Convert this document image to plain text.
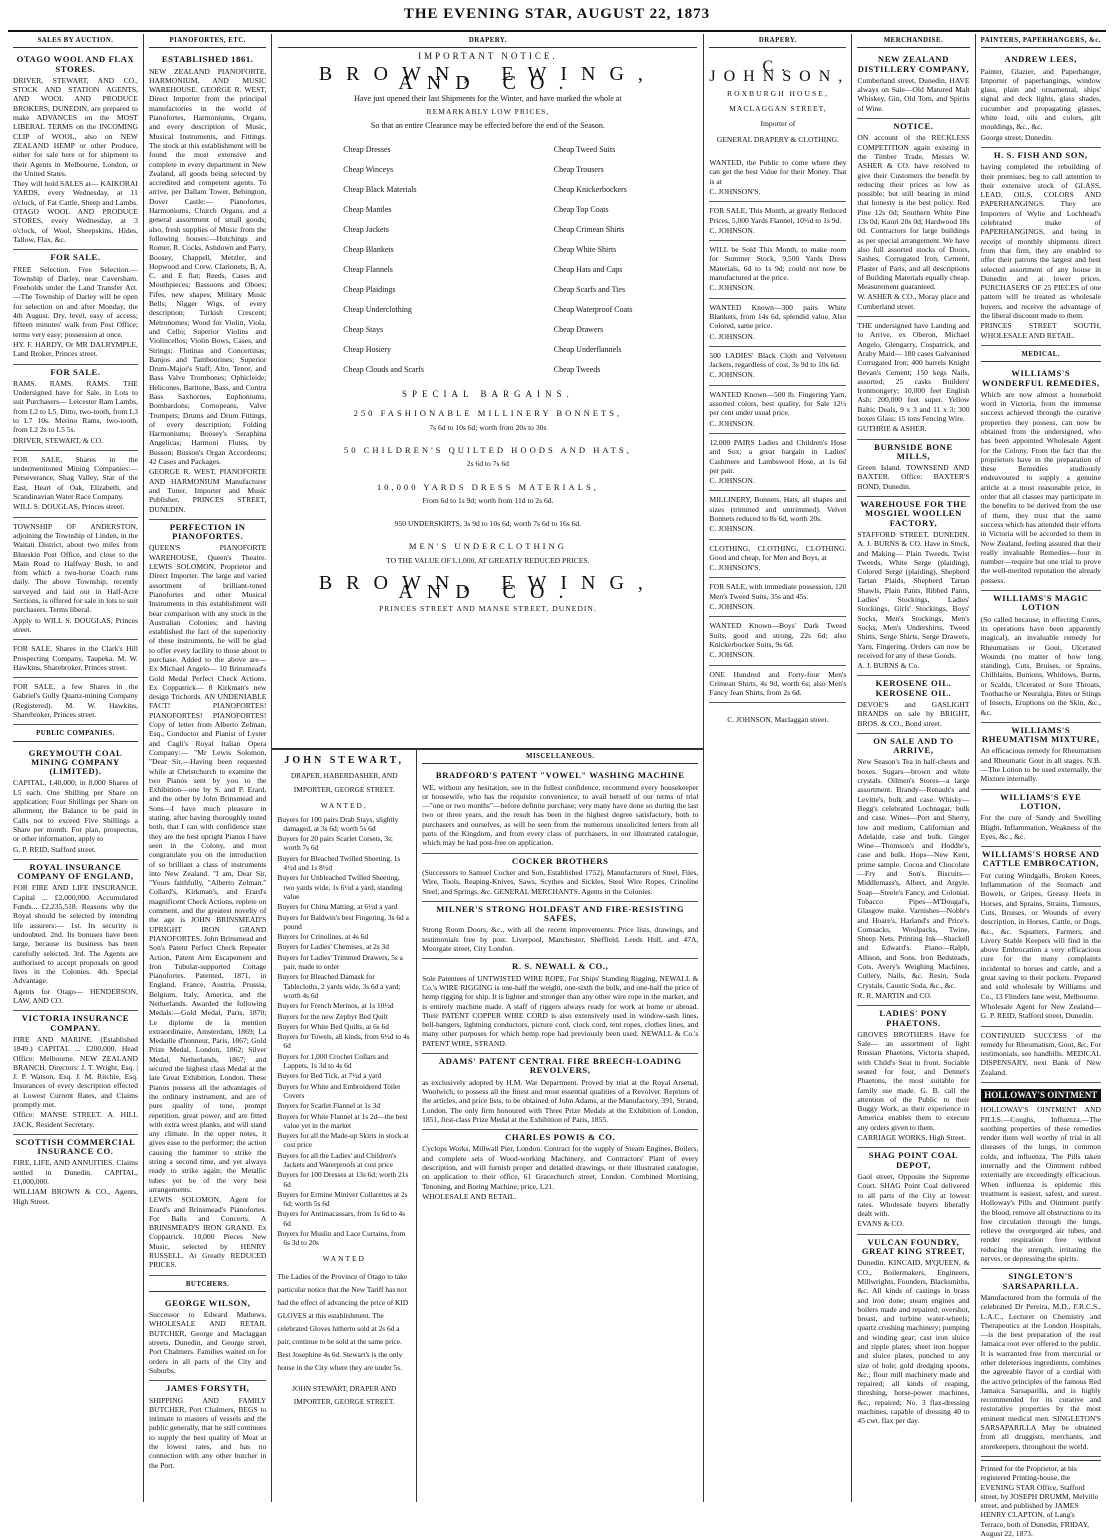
THE EVENING STAR, AUGUST 22, 1873
SALES BY AUCTION.
OTAGO WOOL AND FLAX STORES.

DRIVER, STEWART, AND CO., STOCK AND STATION AGENTS, AND WOOL AND PRODUCE BROKERS, DUNEDIN, are prepared to make ADVANCES on the MOST LIBERAL TERMS on the INCOMING CLIP of WOOL, also on NEW ZEALAND HEMP or other Produce, either for sale here or for shipment to their Agents in Melbourne, London, or the United States.

They will hold SALES at— KAIKORAI YARDS, every Wednesday, at 11 o'clock, of Fat Cattle, Sheep and Lambs. OTAGO WOOL AND PRODUCE STORES, every Wednesday, at 3 o'clock, of Wool, Sheepskins, Hides, Tallow, Flax, &c.

FOR SALE.

FREE Selection. Free Selection.—Township of Darley, near Caversham. Freeholds under the Land Transfer Act.—The Township of Darley will be open for selection on and after Monday, the 4th August. Dry, level, easy of access; fifteen minutes' walk from Post Office; terms very easy; possession at once.

HY. F. HARDY, Or MR DALRYMPLE, Land Broker, Princes street.

FOR SALE.

RAMS. RAMS. RAMS. THE Undersigned have for Sale, in Lots to suit Purchasers— Leicester Ram Lambs, from L2 to L5. Ditto, two-tooth, from L3 to L7 10s. Merino Rams, two-tooth, from L2 2s to L5 5s.

DRIVER, STEWART, & CO.

FOR SALE, Shares in the undermentioned Mining Companies:— Perseverance, Shag Valley, Star of the East, Heart of Oak, Elizabeth, and Scandinavian Water Race Company.

WILL S. DOUGLAS, Princes street.

TOWNSHIP OF ANDERSTON, adjoining the Township of Linden, in the Waitati District, about two miles from Blueskin Post Office, and close to the Main Road to Halfway Bush, to and from which a two-horse Coach runs daily. The above Township, recently surveyed and laid out in Half-Acre Sections, is offered for sale in lots to suit purchasers. Terms liberal.

Apply to WILL S. DOUGLAS, Princes street.

FOR SALE, Shares in the Clark's Hill Prospecting Company, Taupeka. M. W. Hawkins, Sharebroker, Princes street.

FOR SALE, a few Shares in the Gabriel's Gully Quartz-mining Company (Registered). M. W. Hawkins, Sharebroker, Princes street.

PUBLIC COMPANIES.
GREYMOUTH COAL MINING COMPANY (LIMITED).

CAPITAL, L40,000; in 8,000 Shares of L5 each. One Shilling per Share on application; Four Shillings per Share on allotment; the Balance to be paid in Calls not to exceed Five Shillings a Share per month. For plan, prospectus, or other information, apply to

G. P. REID, Stafford street.

ROYAL INSURANCE COMPANY OF ENGLAND,

FOR FIRE AND LIFE INSURANCE. Capital ... £2,000,000. Accumulated Funds... £2,235,518. Reasons why the Royal should be selected by intending life assurers:— 1st. Its security is undoubted. 2nd. Its bonuses have been large, because its business has been carefully selected. 3rd. The Agents are authorised to accept proposals on good lives in the Colonies. 4th. Special Advantage.

Agents for Otago— HENDERSON, LAW, AND CO.

VICTORIA INSURANCE COMPANY.

FIRE AND MARINE. (Established 1849.) CAPITAL ... £200,000. Head Office: Melbourne. NEW ZEALAND BRANCH. Directors: J. T. Wright, Esq. | J. P. Watson, Esq. J. M. Ritchie, Esq. Insurances of every description effected at Lowest Current Rates, and Claims promptly met.

Office: MANSE STREET. A. HILL JACK, Resident Secretary.

SCOTTISH COMMERCIAL INSURANCE CO.

FIRE, LIFE, AND ANNUITIES. Claims settled in Dunedin. CAPITAL, £1,000,000.

WILLIAM BROWN & CO., Agents, High Street.

PIANOFORTES, ETC.
ESTABLISHED 1861.

NEW ZEALAND PIANOFORTE, HARMONIUM, AND MUSIC WAREHOUSE. GEORGE R. WEST, Direct Importer from the principal manufactories in the world of Pianofortes, Harmoniums, Organs, and every description of Music, Musical Instruments, and Fittings. The stock at this establishment will be found the most extensive and complete in every department in New Zealand, all goods being selected by accredited and competent agents. To arrive, per Dallam Tower, Bebington, Dover Castle:— Pianofortes, Harmoniums, Church Organs, and a general assortment of small goods; also, fresh supplies of Music from the following houses:—Hutchings and Romer, R. Cocks, Ashdown and Parry, Boosey, Chappell, Metzler, and Hopwood and Crew. Clarionets, B, A, C, and E flat; Reeds, Cases and Mouthpieces; Bassoons and Oboes; Fifes, new shapes; Military Music Bells; Nigger Wigs, of every description; Turkish Crescent; Metronomes; Wood for Violin, Viola, and Cello; Superior Violins and Violincellos; Violin Bows, Cases, and Strings; Flutinas and Concertinas; Banjos and Tambourines; Superior Drum-Major's Staff; Alto, Tenor, and Bass Valve Trombones; Ophicleide; Helicones, Baritone, Bass, and Contra Bass Saxhornes, Euphoniums, Bombardons; Cornopeans, Valve Trumpets; Drums and Drum Fittings, of every description; Folding Harmoniums; Boosey's Seraphina Angelicas; Harmoni Flutes, by Busson; Busson's Organ Accordeons; 42 Cases and Packages.

GEORGE R. WEST, PIANOFORTE AND HARMONIUM Manufacturer and Tuner, Importer and Music Publisher, PRINCES STREET, DUNEDIN.

PERFECTION IN PIANOFORTES.

QUEEN'S PIANOFORTE WAREHOUSE, Queen's Theatre. LEWIS SOLOMON, Proprietor and Direct Importer. The large and varied assortment of brilliant-toned Pianofortes and other Musical Instruments in this establishment will bear comparison with any stock in the Australian Colonies; and having established the fact of the superiority of these instruments, he will be glad to offer every facility to those about to purchase. Added to the above are— Ex Michael Angelo— 10 Brinsmead's Gold Medal Perfect Check Actions. Ex Coppatrick— 8 Kirkman's new design Trichords. AN UNDENIABLE FACT! PIANOFORTES! PIANOFORTES! PIANOFORTES! Copy of letter from Alberto Zelman, Esq., Conductor and Pianist of Lyster and Cagli's Royal Italian Opera Company:— "Mr Lewis Solomon, "Dear Sir,—Having been requested while at Christchurch to examine the two Pianos sent by you to the Exhibition—one by S. and P. Erard, and the other by John Brinsmead and Sons—I have much pleasure in stating, after having thoroughly tested both, that I can with confidence state they are the best upright Pianos I have seen in the Colony, and most congratulate you on the introduction of so brilliant a class of instruments into New Zealand. "I am, Dear Sir, "Yours faithfully, "Alberto Zelman." Collard's, Kirkman's, and Erard's magnificent Check Actions, replete on comment, and the greatest novelty of the age is JOHN BRINSMEAD'S UPRIGHT IRON GRAND PIANOFORTES. John Brinsmead and Son's Patent Perfect Check Repeater Action, Patent Arm Escapement and Iron Tubular-supported Cottage Pianofortes. Patented, 1871, in England, France, Austria, Prussia, Belgium, Italy, America, and the Netherlands. Awarded the following Medals:—Gold Medal, Paris, 1870; Le diplome de la mention extraordinaire, Amsterdam, 1869; La Medaille d'honneur, Paris, 1867; Gold Prize Medal, London, 1862; Silver Medal, Netherlands, 1867; and secured the highest class Medal at the late Great Exhibition, London. These Pianos possess all the advantages of the ordinary instrument, and are of pure quality of tone, prompt repetition, great power, and are fitted with extra wrest planks, and will stand any climate. In the upper notes, it gives ease to the performer; the action causing the hammer to strike the string a second time, and yet always ready to strike again; the Metallic tubes yet be of the very best arrangements.

LEWIS SOLOMON, Agent for Erard's and Brinsmead's Pianofortes. For Balls and Concerts. A BRINSMEAD'S IRON GRAND. Ex Coppatrick. 10,000 Pieces New Music, selected by HENRY RUSSELL. At Greatly REDUCED PRICES.

BUTCHERS.
GEORGE WILSON,

Successor to Edward Mathews, WHOLESALE AND RETAIL BUTCHER, George and Maclaggan streets, Dunedin, and George street, Port Chalmers. Families waited on for orders in all parts of the City and Suburbs.

JAMES FORSYTH,

SHIPPING AND FAMILY BUTCHER, Port Chalmers, BEGS to intimate to masters of vessels and the public generally, that he still continues to supply the best quality of Meat at the lowest rates, and has no connection with any other butcher in the Port.

DRAPERY.
IMPORTANT NOTICE.
BROWN, EWING, AND CO.
Have just opened their last Shipments for the Winter, and have marked the whole at
REMARKABLY LOW PRICES,
So that an entire Clearance may be effected before the end of the Season.
Cheap Dresses
Cheap Winceys
Cheap Black Materials
Cheap Mantles
Cheap Jackets
Cheap Blankets
Cheap Flannels
Cheap Plaidings
Cheap Underclothing
Cheap Stays
Cheap Hosiery
Cheap Clouds and Scarfs
Cheap Tweed Suits
Cheap Trousers
Cheap Knickerbockers
Cheap Top Coats
Cheap Crimean Shirts
Cheap White Shirts
Cheap Hats and Caps
Cheap Scarfs and Ties
Cheap Waterproof Coats
Cheap Drawers
Cheap Underflannels
Cheap Tweeds
SPECIAL BARGAINS.
250 FASHIONABLE MILLINERY BONNETS,
7s 6d to 10s 6d; worth from 20s to 30s
50 CHILDREN'S QUILTED HOODS AND HATS,
2s 6d to 7s 6d
10,000 YARDS DRESS MATERIALS,
From 6d to 1s 9d; worth from 11d to 2s 6d.
950 UNDERSKIRTS, 3s 9d to 10s 6d; worth 7s 6d to 16s 6d.
MEN'S UNDERCLOTHING
TO THE VALUE OF L1,000, AT GREATLY REDUCED PRICES.
BROWN, EWING, AND CO.
PRINCES STREET AND MANSE STREET, DUNEDIN.
JOHN STEWART,
DRAPER, HABERDASHER, AND IMPORTER, GEORGE STREET.
WANTED,

Buyers for 100 pairs Drab Stays, slightly damaged, at 3s 6d; worth 5s 6d

Buyers for 20 pairs Scarlet Corsets, 3s; worth 7s 6d

Buyers for Bleached Twilled Sheeting, 1s 4½d and 1s 8½d

Buyers for Unbleached Twilled Sheeting, two yards wide, 1s 6½d a yard, standing value

Buyers for China Matting, at 6½d a yard

Buyers for Baldwin's best Fingering, 3s 6d a pound

Buyers for Crinolines, at 4s 6d

Buyers for Ladies' Chemises, at 2s 3d

Buyers for Ladies' Trimmed Drawers, 5s a pair, made to order

Buyers for Bleached Damask for Tablecloths, 2 yards wide, 3s 6d a yard; worth 4s 6d

Buyers for French Merinos, at 1s 10½d

Buyers for the new Zephyr Bed Quilt

Buyers for White Bed Quilts, at 6s 6d

Buyers for Towels, all kinds, from 6½d to 4s 6d

Buyers for 1,000 Crochet Collars and Lappets, 1s 3d to 4s 6d

Buyers for Bed Tick, at 7½d a yard

Buyers for White and Embroidered Toilet Covers

Buyers for Scarlet Flannel at 1s 3d

Buyers for White Flannel at 1s 2d—the best value yet in the market

Buyers for all the Made-up Skirts in stock at cost price

Buyers for all the Ladies' and Children's Jackets and Waterproofs at cost price

Buyers for 100 Dresses at 13s 6d; worth 21s 6d

Buyers for Ermine Miniver Collarettes at 2s 6d; worth 5s 6d

Buyers for Antimacassars, from 1s 6d to 4s 6d

Buyers for Muslin and Lace Curtains, from 6s 3d to 20s

WANTED

The Ladies of the Province of Otago to take particular notice that the New Tariff has not had the effect of advancing the price of KID GLOVES at this establishment. The celebrated Gloves hitherto sold at 2s 6d a pair, continue to be sold at the same price. Best Josephine 4s 6d. Stewart's is the only house in the City where they are under 5s.

JOHN STEWART, DRAPER AND IMPORTER, GEORGE STREET.
MISCELLANEOUS.
BRADFORD'S PATENT "VOWEL" WASHING MACHINE

WE, without any hesitation, see in the fullest confidence, recommend every housekeeper or housewife, who has the requisite convenience, to avail herself of our terms of trial—"one or two months"—before definite purchase; very many have done so during the last two or three years, and the result has been in the highest degree satisfactory, both to purchasers and ourselves, as will be seen from the numerous unsolicited letters from all parts of the Kingdom, and from every class of purchasers, in our illustrated catalogue, which may be had post-free on application.

COCKER BROTHERS

(Successors to Samuel Cocker and Son, Established 1752), Manufacturers of Steel, Files, Wire, Tools, Reaping-Knives, Saws, Scythes and Sickles, Steel Wire Ropes, Crinoline Steel, and Springs, &c. GENERAL MERCHANTS. Agents in the Colonies.

MILNER'S STRONG HOLDFAST AND FIRE-RESISTING SAFES,

Strong Room Doors, &c., with all the recent improvements. Price lists, drawings, and testimonials free by post. Liverpool, Manchester, Sheffield, Leeds Hull, and 47A, Moorgate street, City London.

R. S. NEWALL & CO.,

Sole Patentees of UNTWISTED WIRE ROPE, For Ships' Standing Rigging, NEWALL & Co.'s WIRE RIGGING is one-half the weight, one-sixth the bulk, and one-half the price of hemp rigging for ship. It is lighter and stronger than any other wire rope in the market, and is entirely machine made. A staff of riggers always ready for work at home or abroad. Their PATENT COPPER WIRE CORD is also extensively used in window-sash lines, bell-hangers, lightning conductors, picture cord, clock cord, tent ropes, clothes lines, and many other purposes for which hemp rope had previously been used. NEWALL & Co.'s PATENT WIRE, STRAND.

ADAMS' PATENT CENTRAL FIRE BREECH-LOADING REVOLVERS,

as exclusively adopted by H.M. War Department. Proved by trial at the Royal Arsenal, Woolwich, to possess all the finest and most essential qualities of a Revolver. Reprints of the articles, and price lists, to be obtained of John Adams, at the Manufactory, 391, Strand, London. The only firm honoured with Three Prize Medals at the Exhibition of London, 1851, first-class Prize Medal at the Exhibition of Paris, 1855.

CHARLES POWIS & CO.

Cyclops Works, Millwall Pier, London. Contract for the supply of Steam Engines, Boilers, and complete sets of Wood-working Machinery, and Contractors' Plant of every description, and will furnish proper and detailed drawings, or their illustrated catalogue, on application to their office, 61 Gracechurch street, London. Combined Mortising, Tenoning, and Boring Machine; price, L21.

WHOLESALE AND RETAIL.

DRAPERY.
C. JOHNSON,
ROXBURGH HOUSE,
MACLAGGAN STREET,
Importer of
GENERAL DRAPERY & CLOTHING.

WANTED, the Public to come where they can get the best Value for their Money. That is at

C. JOHNSON'S.

FOR SALE, This Month, at greatly Reduced Prices, 5,000 Yards Flannel, 10½d to 1s 9d.

C. JOHNSON.

WILL be Sold This Month, to make room for Summer Stock, 9,500 Yards Dress Materials, 6d to 1s 9d; could not now be manufactured at the price.

C. JOHNSON.

WANTED Known—300 pairs White Blankets, from 14s 6d, splendid value. Also Colored, same price.

C. JOHNSON.

500 LADIES' Black Cloth and Velveteen Jackets, regardless of cost, 3s 9d to 10s 6d.

C. JOHNSON.

WANTED Known—500 lb. Fingering Yarn, assorted colors, best quality, for Sale 12½ per cent under usual price.

C. JOHNSON.

12,000 PAIRS Ladies and Children's Hose and Sox; a great bargain in Ladies' Cashmere and Lambswool Hose, at 1s 6d per pair.

C. JOHNSON.

MILLINERY, Bonnets, Hats, all shapes and sizes (trimmed and untrimmed). Velvet Bonnets reduced to 8s 6d, worth 20s.

C. JOHNSON.

CLOTHING, CLOTHING, CLOTHING. Good and cheap, for Men and Boys, at

C. JOHNSON'S.

FOR SALE, with immediate possession, 120 Men's Tweed Suits, 35s and 45s.

C. JOHNSON.

WANTED Known—Boys' Dark Tweed Suits, good and strong, 22s 6d; also Knickerbocker Suits, 9s 6d.

C. JOHNSON.

ONE Hundred and Forty-four Men's Crimean Shirts, 4s 9d, worth 6s; also Men's Fancy Jean Shirts, from 2s 6d.

C. JOHNSON, Maclaggan street.
MERCHANDISE.
NEW ZEALAND DISTILLERY COMPANY,

Cumberland street, Dunedin, HAVE always on Sale—Old Matured Malt Whiskey, Gin, Old Tom, and Spirits of Wine.

NOTICE.

ON account of the RECKLESS COMPETITION again existing in the Timber Trade, Messrs W. ASHER & CO. have resolved to give their Customers the benefit by reducing their prices as low as possible; but still bearing in mind that honesty is the best policy. Red Pine 12s 0d; Southern White Pine 13s 0d; Kauri 20s 0d; Hardwood 18s 0d. Contractors for large buildings as per special arrangement. We have also full assorted stocks of Doors, Sashes, Corrugated Iron, Cement, Plaster of Paris, and all descriptions of Building Materials equally cheap. Measurement guaranteed.

W. ASHER & CO., Moray place and Cumberland street.

THE undersigned have Landing and to Arrive, ex Oberon, Michael Angelo, Glengarry, Cospatrick, and Araby Maid— 180 cases Galvanised Corrugated Iron; 400 barrels Knight Bevan's Cement; 150 kegs Nails, assorted; 25 casks Builders' Ironmongery; 10,000 feet English Ash; 200,000 feet super. Yellow Baltic Deals, 9 x 3 and 11 x 3; 300 boxes Glass; 15 tons Fencing Wire.

GUTHRIE & ASHER.

BURNSIDE BONE MILLS,

Green Island. TOWNSEND AND BAXTER. Office: BAXTER'S BOND, Dunedin.

WAREHOUSE FOR THE MOSGIEL WOOLLEN FACTORY,

STAFFORD STREET, DUNEDIN. A. J. BURNS & CO. Have in Stock, and Making— Plain Tweeds, Twist Tweeds, White Serge (plaiding), Colored Serge (plaiding), Shepherd Tartan Plaids, Shepherd Tartan Shawls, Plain Pants, Ribbed Pants, Ladies' Stockings, Ladies' Stockings, Girls' Stockings, Boys' Socks, Men's Stockings, Men's Socks, Men's Undershirts, Tweed Shirts, Serge Shirts, Serge Drawers, Yarn, Fingering. Orders can now be received for any of these Goods.

A. J. BURNS & Co.

KEROSENE OIL. KEROSENE OIL.

DEVOE'S and GASLIGHT BRANDS on sale by BRIGHT, BROS. & CO., Bond street.

ON SALE AND TO ARRIVE,

New Season's Tea in half-chests and boxes. Sugars—brown and white crystals. Oilmen's Stores—a large assortment. Brandy—Renault's and Levitte's, bulk and case. Whisky—Begg's celebrated Lochnagar, bulk and case. Wines—Port and Sherry, low and medium, Californian and Adelaide, case and bulk. Ginger Wine—Thomson's and Hoddle's, case and bulk. Hops—New Kent, prime sample. Cocoa and Chocolate—Fry and Son's. Biscuits—Middlemass's, Albert, and Argyle. Soap—Steele's Fancy, and Colonial. Tobacco Pipes—M'Dougal's, Glasgow make. Varnishes—Noble's and Hoare's, Harland's and Price's. Cornsacks, Woolpacks, Twine, Sheep Nets. Printing Ink—Shackell and Edward's. Piano—Ralph, Allison, and Sons. Iron Bedsteads, Cots, Avery's Weighing Machines, Cutlery, Nails, &c. Resin, Soda Crystals, Caustic Soda, &c., &c.

R. R. MARTIN and CO.

LADIES' PONY PHAETONS.

GROVES BROTHERS Have for Sale— an assortment of light Russian Phaetons, Victoria shaped, with Child's Seat in front. Sociable seated for four, and Dennet's Phaetons, the most suitable for family use made. G. B. call the attention of the Public to their Buggy Work, as their experience in America enables them to execute any orders given to them.

CARRIAGE WORKS, High Street.

SHAG POINT COAL DEPOT,

Gaol street, Opposite the Supreme Court. SHAG Point Coal delivered to all parts of the City at lowest rates. Wholesale buyers liberally dealt with.

EVANS & CO.

VULCAN FOUNDRY, GREAT KING STREET,

Dunedin. KINCAID, M'QUEEN, & CO., Boilermakers, Engineers, Millwrights, Founders, Blacksmiths, &c. All kinds of castings in brass and iron done; steam engines and boilers made and repaired; overshot, breast, and turbine water-wheels; quartz crushing machinery; pumping and winding gear; cast iron sluice and ripple plates; sheet iron hopper and sluice plates, punched to any size of hole; gold dredging spoons, &c.; flour mill machinery made and repaired; all kinds of reaping, threshing, horse-power machines, &c., repaired; No. 3 flax-dressing machines, capable of dressing 40 to 45 cwt. flax per day.

PAINTERS, PAPERHANGERS, &c.
ANDREW LEES,

Painter, Glazier, and Paperhanger, Importer of paperhangings, window glass, plain and ornamental, ships' signal and deck lights, glass shades, cucumber and propagating glasses, white lead, oils and colors, gilt mouldings, &c., &c.

George street, Dunedin.

H. S. FISH AND SON,

having completed the rebuilding of their premises, beg to call attention to their extensive stock of GLASS, LEAD, OILS, COLORS AND PAPERHANGINGS. They are Importers of Wylie and Lochhead's celebrated make of PAPERHANGINGS, and being in receipt of monthly shipments direct from that firm, they are enabled to offer their patrons the largest and best selected assortment of any house in Dunedin and at lower prices. PURCHASERS OF 25 PIECES of one pattern will be treated as wholesale buyers, and receive the advantage of the liberal discount made to them.

PRINCES STREET SOUTH, WHOLESALE AND RETAIL.

MEDICAL.
WILLIAMS'S WONDERFUL REMEDIES,

Which are now almost a household word in Victoria, from the immense success achieved through the curative properties they possess, can now be obtained from the undersigned, who has been appointed Wholesale Agent for the Colony. From the fact that the proprietors have in the preparation of these Remedies studiously endeavoured to supply a genuine article at a most reasonable price, in order that all classes may participate in the benefits to be derived from the use of them, they trust that the same success which has attended their efforts in Victoria will be accorded to them in New Zealand, feeling assured that their really invaluable Remedies—four in number—require but one trial to prove the well-merited reputation the already possess.

WILLIAMS'S MAGIC LOTION

(So called because, in effecting Cures, its operations have been apparently magical), an invaluable remedy for Rheumatism or Gout, Ulcerated Wounds (no matter of how long standing), Cuts, Bruises, or Sprains, Chilblains, Bunions, Whitlows, Burns, or Scalds, Ulcerated or Sore Throats, Toothache or Neuralgia, Bites or Stings of Insects, Eruptions on the Skin, &c., &c.

WILLIAMS'S RHEUMATISM MIXTURE,

An efficacious remedy for Rheumatism and Rheumatic Gout in all stages. N.B.—The Lotion to be used externally, the Mixture internally.

WILLIAMS'S EYE LOTION,

For the cure of Sandy and Swelling Blight, Inflammation, Weakness of the Eyes, &c., &c.

WILLIAMS'S HORSE AND CATTLE EMBROCATION,

For curing Windgalls, Broken Knees, Inflammation of the Stomach and Bowels, or Gripes, Greasy Heels in Horses, and Sprains, Strains, Tumours, Cuts, Bruises, or Wounds of every description, in Horses, Cattle, or Dogs, &c., &c. Squatters, Farmers, and Livery Stable Keepers will find in the above Embrocation a very efficacious cure for the many complaints incidental to horses and cattle, and a great saving to their pockets. Prepared and sold wholesale by Williams and Co., 13 Flinders lane west, Melbourne.

Wholesale Agent for New Zealand— G. P. REID, Stafford street, Dunedin.

CONTINUED SUCCESS of the remedy for Rheumatism, Gout, &c. For testimonials, see handbills. MEDICAL DISPENSARY, next Bank of New Zealand.

HOLLOWAY'S OINTMENT

HOLLOWAY'S OINTMENT AND PILLS.—Coughs, Influenza.—The soothing properties of these remedies render them well worthy of trial in all diseases of the lungs, in common colds, and influenza. The Pills taken internally and the Ointment rubbed externally are exceedingly efficacious. When influenza is epidemic this treatment is easiest, safest, and surest. Holloway's Pills and Ointment purify the blood, remove all obstructions to its free circulation through the lungs, relieve the overgorged air tubes, and render respiration free without reducing the strength, irritating the nerves, or depressing the spirits.

SINGLETON'S SARSAPARILLA.

Manufactured from the formula of the celebrated Dr Pereira, M.D., F.R.C.S., L.A.C., Lecturer on Chemistry and Therapeutics at the London Hospitals,—is the best preparation of the real Jamaica root ever offered to the public. It is warranted free from mercurial or other deleterious ingredients, combines the agreeable flavor of a cordial with the active principles of the famous Red Jamaica Sarsaparilla, and is highly recommended for its curative and restorative properties by the most eminent medical men. SINGLETON'S SARSAPARILLA May be obtained from all druggists, merchants, and storekeepers, throughout the world.

Printed for the Proprietor, at his registered Printing-house, the EVENING STAR Office, Stafford street, by JOSEPH DRUMM, Melville street, and published by JAMES HENRY CLAPTON, of Lang's Terrace, both of Dunedin, FRIDAY, August 22, 1873.
